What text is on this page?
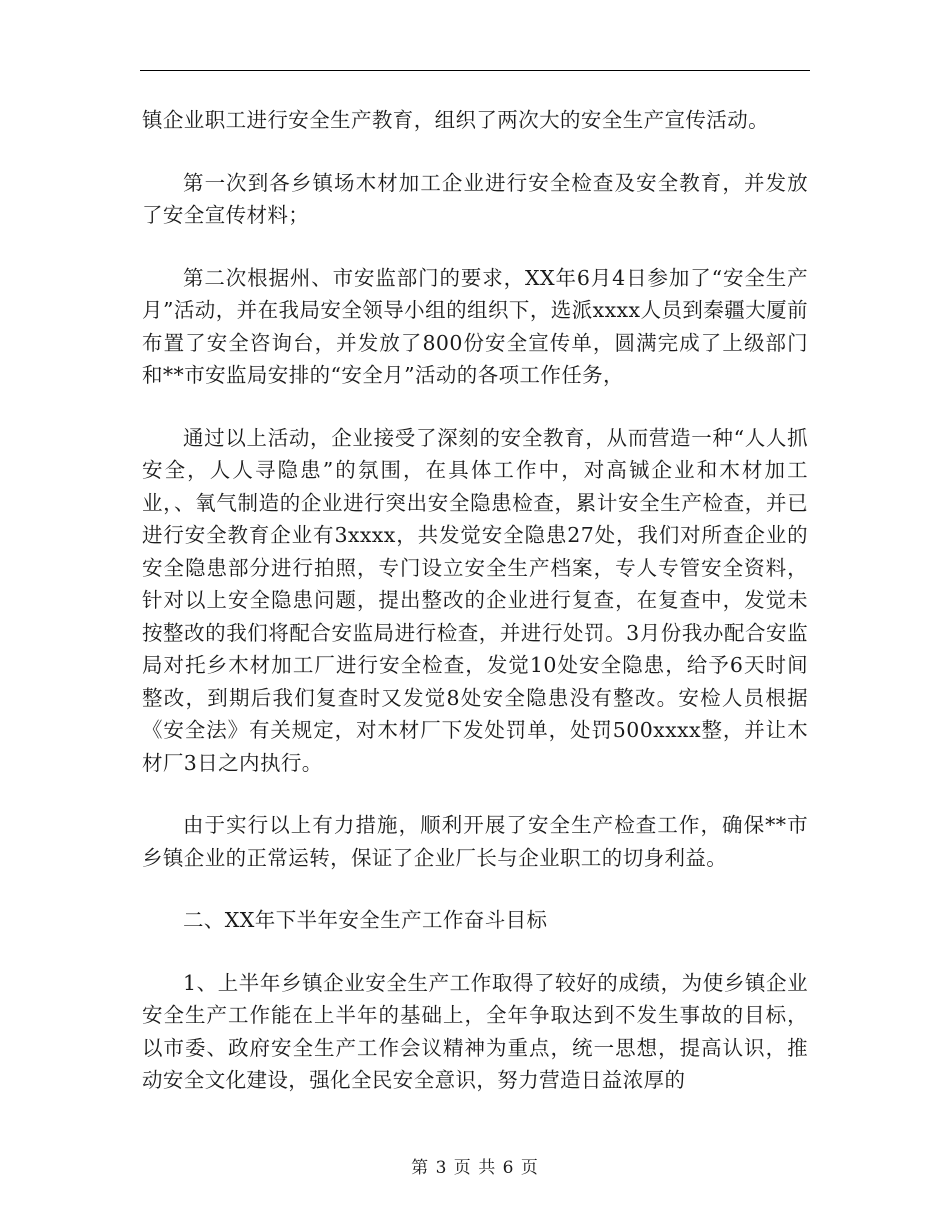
镇企业职工进行安全生产教育，组织了两次大的安全生产宣传活动。

第一次到各乡镇场木材加工企业进行安全检查及安全教育，并发放了安全宣传材料；

第二次根据州、市安监部门的要求，XX年6月4日参加了“安全生产月”活动，并在我局安全领导小组的组织下，选派xxxx人员到秦疆大厦前布置了安全咨询台，并发放了800份安全宣传单，圆满完成了上级部门和**市安监局安排的“安全月”活动的各项工作任务，

通过以上活动，企业接受了深刻的安全教育，从而营造一种“人人抓安全，人人寻隐患”的氛围，在具体工作中，对高铖企业和木材加工业，、氧气制造的企业进行突出安全隐患检查，累计安全生产检查，并已进行安全教育企业有3xxxx，共发觉安全隐患27处，我们对所查企业的安全隐患部分进行拍照，专门设立安全生产档案，专人专管安全资料，针对以上安全隐患问题，提出整改的企业进行复查，在复查中，发觉未按整改的我们将配合安监局进行检查，并进行处罚。3月份我办配合安监局对托乡木材加工厂进行安全检查，发觉10处安全隐患，给予6天时间整改，到期后我们复查时又发觉8处安全隐患没有整改。安检人员根据《安全法》有关规定，对木材厂下发处罚单，处罚500xxxx整，并让木材厂3日之内执行。

由于实行以上有力措施，顺利开展了安全生产检查工作，确保**市乡镇企业的正常运转，保证了企业厂长与企业职工的切身利益。

二、XX年下半年安全生产工作奋斗目标

1、上半年乡镇企业安全生产工作取得了较好的成绩，为使乡镇企业安全生产工作能在上半年的基础上，全年争取达到不发生事故的目标，以市委、政府安全生产工作会议精神为重点，统一思想，提高认识，推动安全文化建设，强化全民安全意识，努力营造日益浓厚的

第 3 页 共 6 页
